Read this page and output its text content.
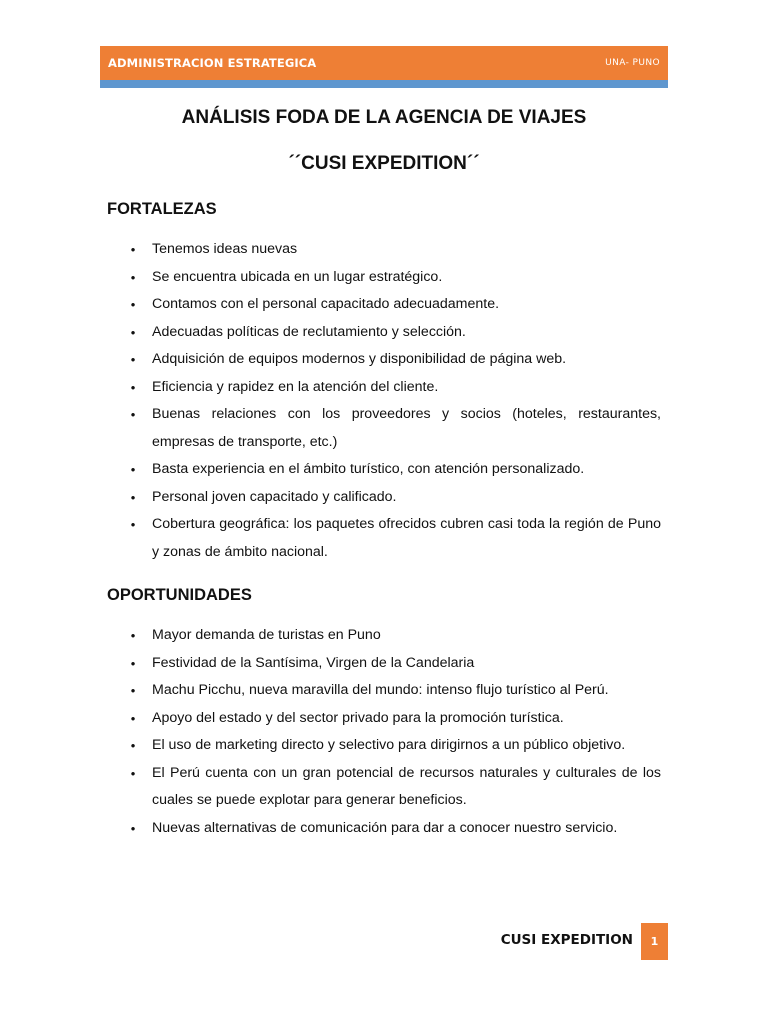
ADMINISTRACION ESTRATEGICA	UNA- PUNO
ANÁLISIS FODA DE LA AGENCIA DE VIAJES
´´CUSI EXPEDITION´´
FORTALEZAS
• Tenemos ideas nuevas
• Se encuentra ubicada en un lugar estratégico.
• Contamos con el personal capacitado adecuadamente.
• Adecuadas políticas de reclutamiento y selección.
• Adquisición de equipos modernos y disponibilidad de página web.
• Eficiencia y rapidez en la atención del cliente.
• Buenas relaciones con los proveedores y socios (hoteles, restaurantes, empresas de transporte, etc.)
• Basta experiencia en el ámbito turístico, con atención personalizado.
• Personal joven capacitado y calificado.
• Cobertura geográfica: los paquetes ofrecidos cubren casi toda la región de Puno y zonas de ámbito nacional.
OPORTUNIDADES
• Mayor demanda de turistas en Puno
• Festividad de la Santísima, Virgen de la Candelaria
• Machu Picchu, nueva maravilla del mundo: intenso flujo turístico al Perú.
• Apoyo del estado y del sector privado para la promoción turística.
• El uso de marketing directo y selectivo para dirigirnos a un público objetivo.
• El Perú cuenta con un gran potencial de recursos naturales y culturales de los cuales se puede explotar para generar beneficios.
• Nuevas alternativas de comunicación para dar a conocer nuestro servicio.
CUSI EXPEDITION 1
